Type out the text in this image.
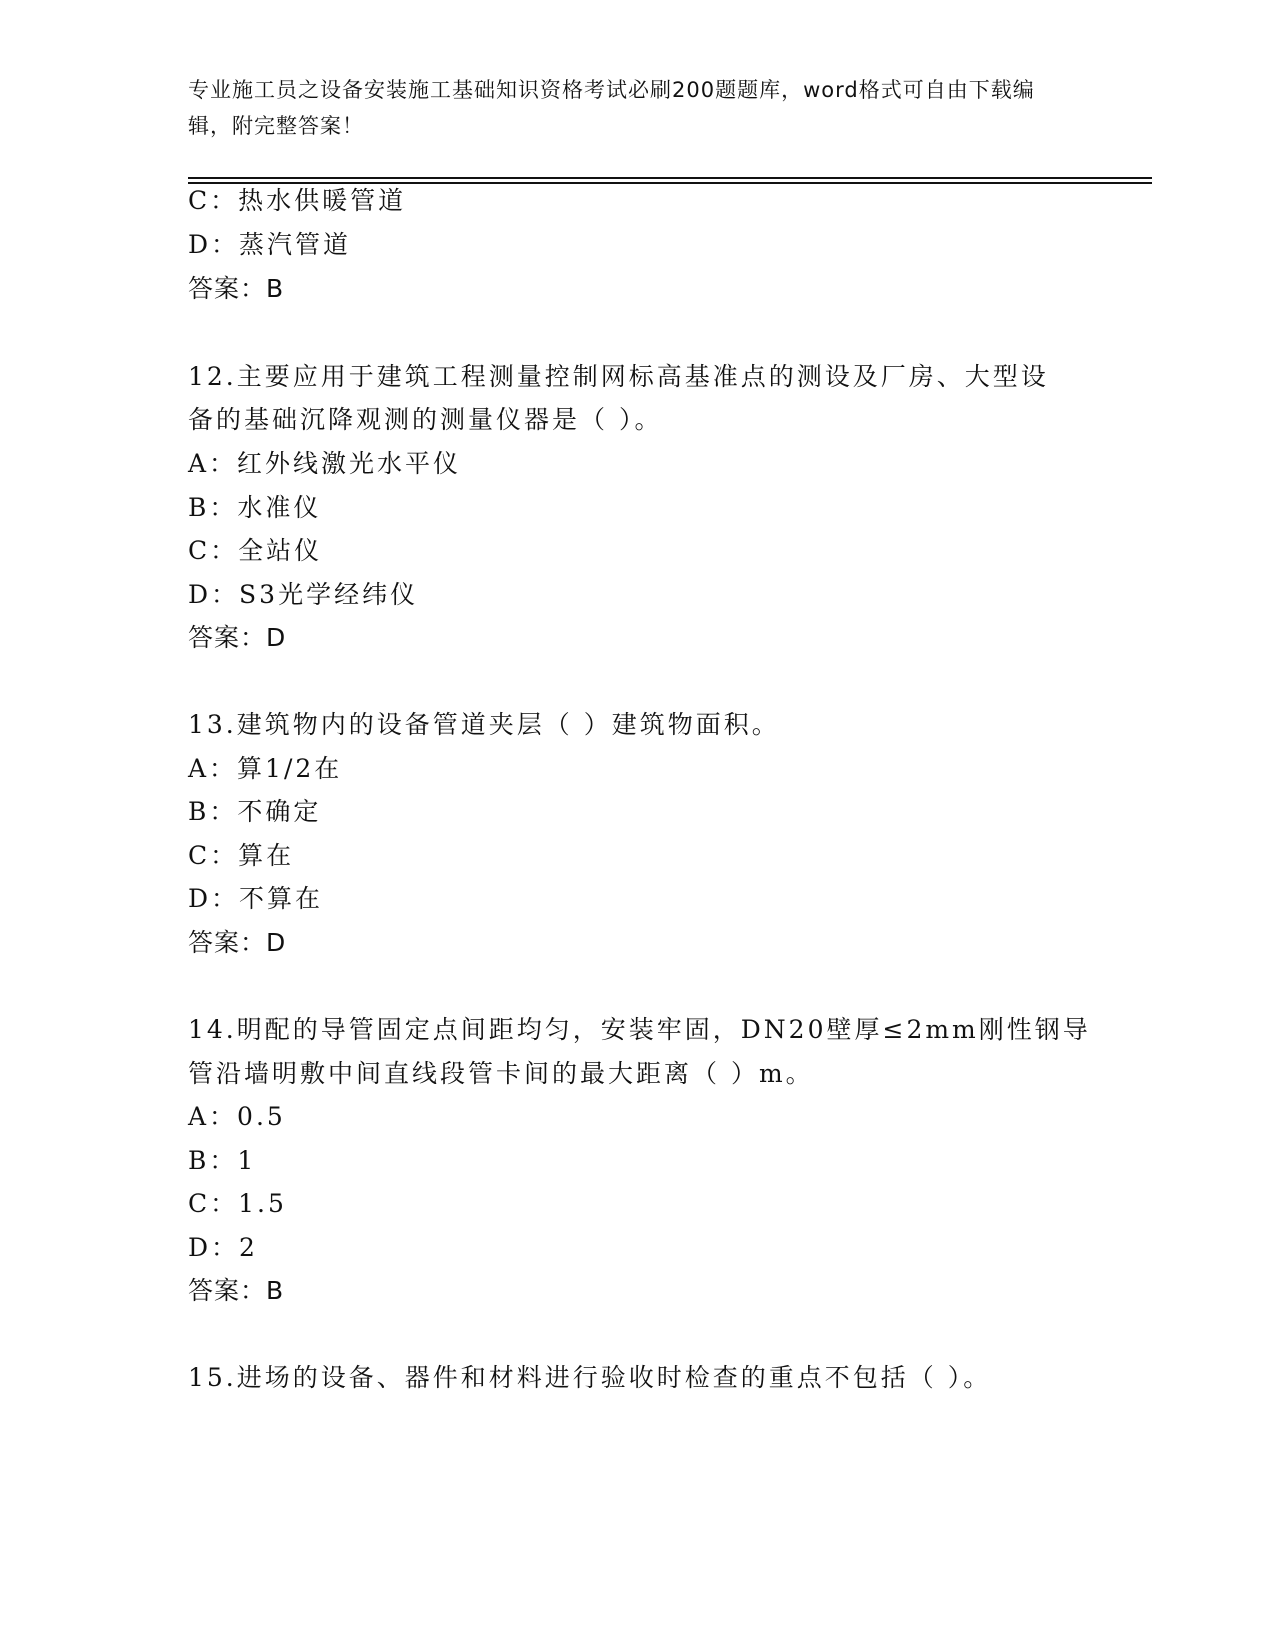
专业施工员之设备安装施工基础知识资格考试必刷200题题库，word格式可自由下载编辑，附完整答案！
C：热水供暖管道
D：蒸汽管道
答案：B
12.主要应用于建筑工程测量控制网标高基准点的测设及厂房、大型设
备的基础沉降观测的测量仪器是（ ）。
A：红外线激光水平仪
B：水准仪
C：全站仪
D：S3光学经纬仪
答案：D
13.建筑物内的设备管道夹层（ ）建筑物面积。
A：算1/2在
B：不确定
C：算在
D：不算在
答案：D
14.明配的导管固定点间距均匀，安装牢固，DN20壁厚≤2mm刚性钢导
管沿墙明敷中间直线段管卡间的最大距离（ ）m。
A：0.5
B：1
C：1.5
D：2
答案：B
15.进场的设备、器件和材料进行验收时检查的重点不包括（ ）。
